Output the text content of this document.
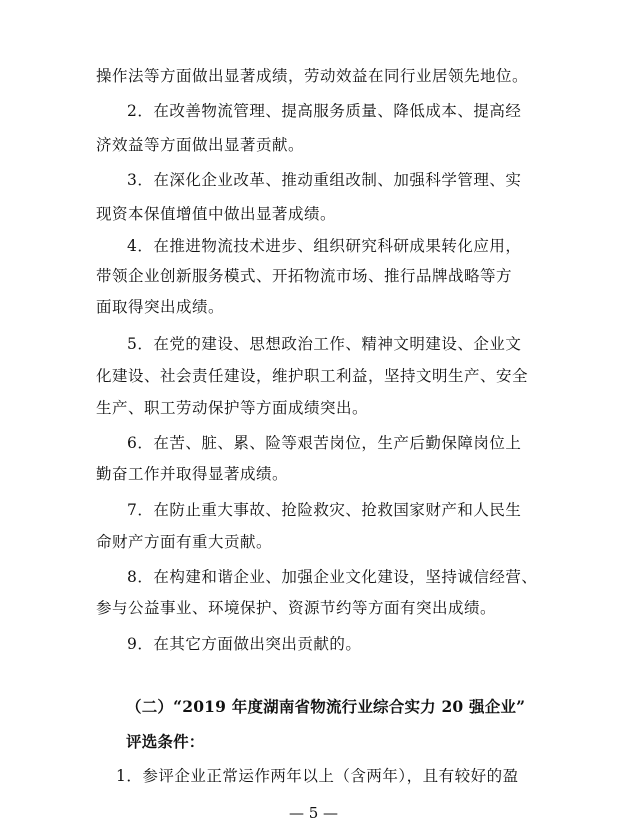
操作法等方面做出显著成绩，劳动效益在同行业居领先地位。
2．在改善物流管理、提高服务质量、降低成本、提高经
济效益等方面做出显著贡献。
3．在深化企业改革、推动重组改制、加强科学管理、实
现资本保值增值中做出显著成绩。
4．在推进物流技术进步、组织研究科研成果转化应用，
带领企业创新服务模式、开拓物流市场、推行品牌战略等方
面取得突出成绩。
5．在党的建设、思想政治工作、精神文明建设、企业文
化建设、社会责任建设，维护职工利益，坚持文明生产、安全
生产、职工劳动保护等方面成绩突出。
6．在苦、脏、累、险等艰苦岗位，生产后勤保障岗位上
勤奋工作并取得显著成绩。
7．在防止重大事故、抢险救灾、抢救国家财产和人民生
命财产方面有重大贡献。
8．在构建和谐企业、加强企业文化建设，坚持诚信经营、
参与公益事业、环境保护、资源节约等方面有突出成绩。
9．在其它方面做出突出贡献的。
（二）“2019 年度湖南省物流行业综合实力 20 强企业”
评选条件：
1．参评企业正常运作两年以上（含两年），且有较好的盈
— 5 —
